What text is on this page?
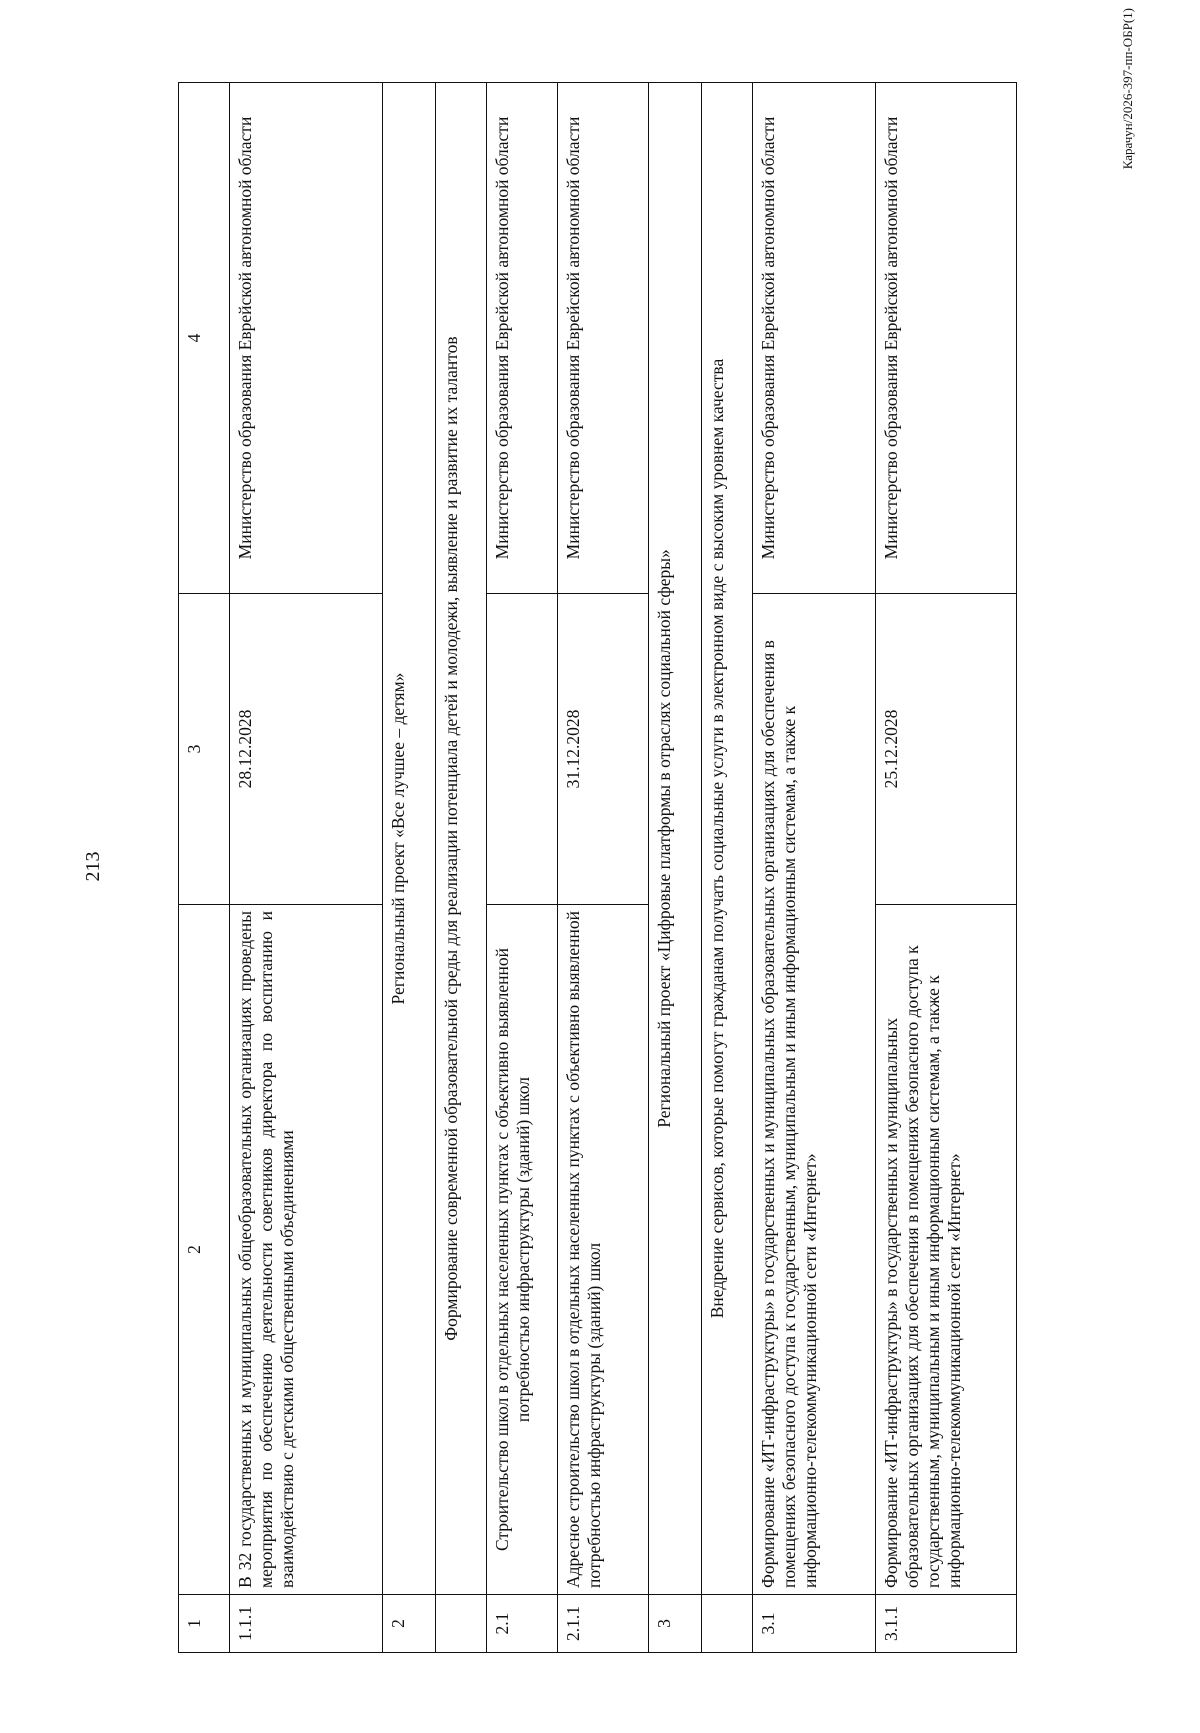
213
1	2	3	4
1.1.1	В 32 государственных и муниципальных общеобразовательных организациях проведены мероприятия по обеспечению деятельности советников директора по воспитанию и взаимодействию с детскими общественными объединениями	28.12.2028	Министерство образования Еврейской автономной области
2	Региональный проект «Все лучшее – детям»		
	Формирование современной образовательной среды для реализации потенциала детей и молодежи, выявление и развитие их талантов		
2.1	Строительство школ в отдельных населенных пунктах с объективно выявленной потребностью инфраструктуры (зданий) школ		Министерство образования Еврейской автономной области
2.1.1	Адресное строительство школ в отдельных населенных пунктах с объективно выявленной потребностью инфраструктуры (зданий) школ	31.12.2028	Министерство образования Еврейской автономной области
3	Региональный проект «Цифровые платформы в отраслях социальной сферы»		
	Внедрение сервисов, которые помогут гражданам получать социальные услуги в электронном виде с высоким уровнем качества		
3.1	Формирование «ИТ-инфраструктуры» в государственных и муниципальных образовательных организациях для обеспечения в помещениях безопасного доступа к государственным, муниципальным и иным информационным системам, а также к информационно-телекоммуникационной сети «Интернет»		Министерство образования Еврейской автономной области
3.1.1	Формирование «ИТ-инфраструктуры» в государственных и муниципальных образовательных организациях для обеспечения в помещениях безопасного доступа к государственным, муниципальным и иным информационным системам, а также к информационно-телекоммуникационной сети «Интернет»	25.12.2028	Министерство образования Еврейской автономной области
Карачун/2026-397-пп-ОБР(1)
